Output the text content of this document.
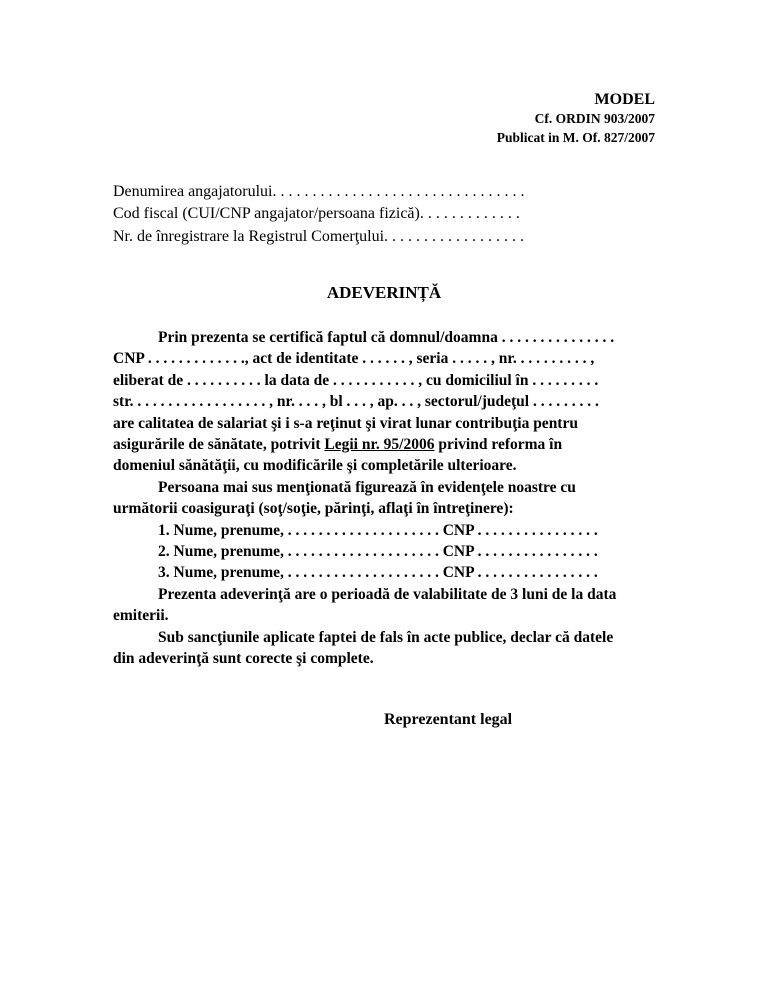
MODEL
Cf. ORDIN 903/2007
Publicat in M. Of. 827/2007
Denumirea angajatorului. . . . . . . . . . . . . . . . . . . . . . . . . . . . . . . .
Cod fiscal (CUI/CNP angajator/persoana fizică). . . . . . . . . . . . .
Nr. de înregistrare la Registrul Comerţului. . . . . . . . . . . . . . . . . .
ADEVERINȚĂ
Prin prezenta se certifică faptul că domnul/doamna . . . . . . . . . . . . . . .
CNP . . . . . . . . . . . . ., act de identitate . . . . . . , seria . . . . . , nr. . . . . . . . . . ,
eliberat de . . . . . . . . . . la data de . . . . . . . . . . . , cu domiciliul în . . . . . . . . .
str. . . . . . . . . . . . . . . . . . , nr. . . . , bl . . . , ap. . . , sectorul/judeţul . . . . . . . . .
are calitatea de salariat şi i s-a reţinut şi virat lunar contribuţia pentru
asigurările de sănătate, potrivit Legii nr. 95/2006 privind reforma în
domeniul sănătăţii, cu modificările şi completările ulterioare.
Persoana mai sus menţionată figurează în evidenţele noastre cu
următorii coasiguraţi (soţ/soţie, părinţi, aflaţi în întreţinere):
1. Nume, prenume, . . . . . . . . . . . . . . . . . . . . CNP . . . . . . . . . . . . . . . .
2. Nume, prenume, . . . . . . . . . . . . . . . . . . . . CNP . . . . . . . . . . . . . . . .
3. Nume, prenume, . . . . . . . . . . . . . . . . . . . . CNP . . . . . . . . . . . . . . . .
Prezenta adeverinţă are o perioadă de valabilitate de 3 luni de la data
emiterii.
Sub sancţiunile aplicate faptei de fals în acte publice, declar că datele
din adeverinţă sunt corecte şi complete.
Reprezentant legal
